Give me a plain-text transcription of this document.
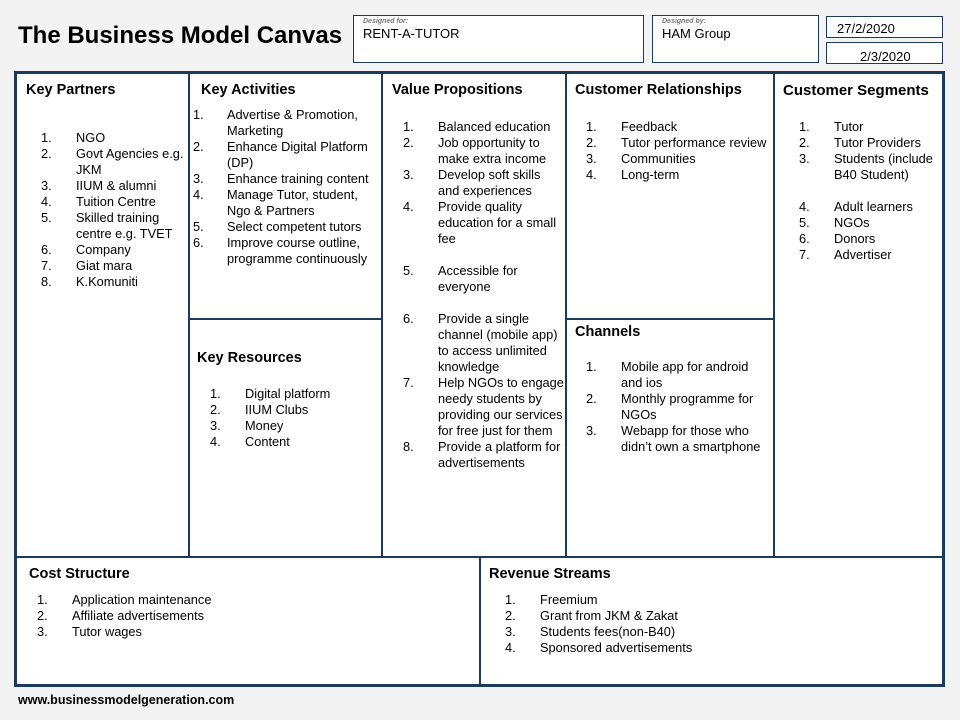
The Business Model Canvas
Designed for:
RENT-A-TUTOR
Designed by:
HAM Group	27/2/2020
2/3/2020
Key Partners
1. NGO
2. Govt Agencies e.g. JKM
3. IIUM & alumni
4. Tuition Centre
5. Skilled training centre e.g. TVET
6. Company
7. Giat mara
8. K.Komuniti
Key Activities
1. Advertise & Promotion, Marketing
2. Enhance Digital Platform (DP)
3. Enhance training content
4. Manage Tutor, student, Ngo & Partners
5. Select competent tutors
6. Improve course outline, programme continuously
Key Resources
1. Digital platform
2. IIUM Clubs
3. Money
4. Content
Value Propositions
1. Balanced education
2. Job opportunity to make extra income
3. Develop soft skills and experiences
4. Provide quality education for a small fee
5. Accessible for everyone
6. Provide a single channel (mobile app) to access unlimited knowledge
7. Help NGOs to engage needy students by providing our services for free just for them
8. Provide a platform for advertisements
Customer Relationships
1. Feedback
2. Tutor performance review
3. Communities
4. Long-term
Channels
1. Mobile app for android and ios
2. Monthly programme for NGOs
3. Webapp for those who didn’t own a smartphone
Customer Segments
1. Tutor
2. Tutor Providers
3. Students (include B40 Student)
4. Adult learners
5. NGOs
6. Donors
7. Advertiser
Cost Structure
1. Application maintenance
2. Affiliate advertisements
3. Tutor wages
Revenue Streams
1. Freemium
2. Grant from JKM & Zakat
3. Students fees(non-B40)
4. Sponsored advertisements
www.businessmodelgeneration.com
